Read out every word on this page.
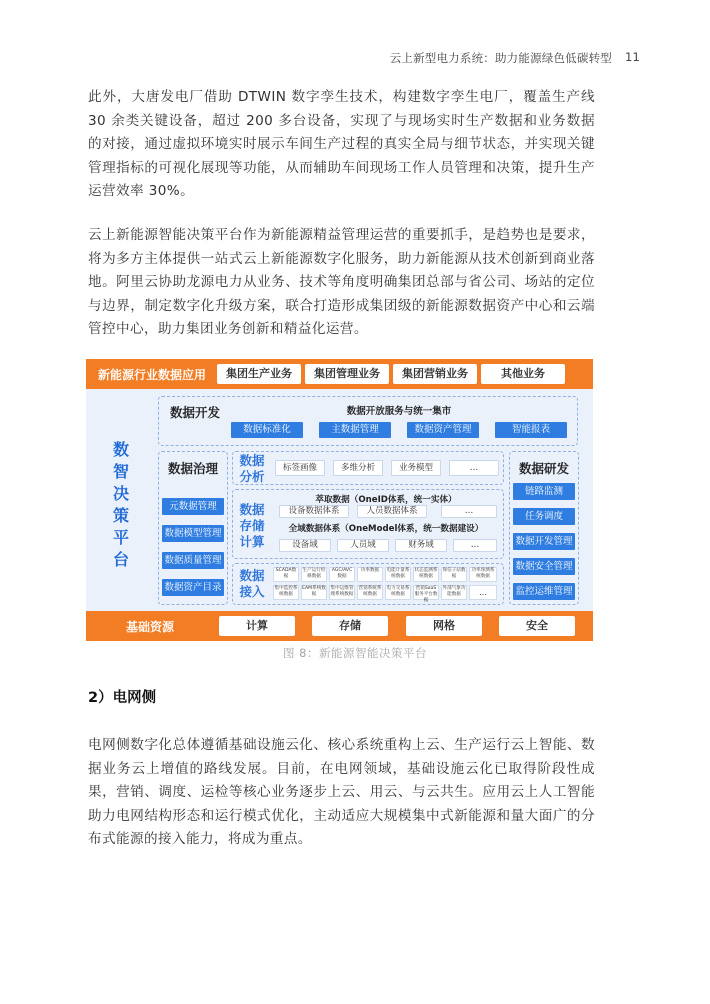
云上新型电力系统：助力能源绿色低碳转型	11

此外，大唐发电厂借助 DTWIN 数字孪生技术，构建数字孪生电厂，覆盖生产线 30 余类关键设备，超过 200 多台设备，实现了与现场实时生产数据和业务数据的对接，通过虚拟环境实时展示车间生产过程的真实全局与细节状态，并实现关键管理指标的可视化展现等功能，从而辅助车间现场工作人员管理和决策，提升生产运营效率 30%。

云上新能源智能决策平台作为新能源精益管理运营的重要抓手，是趋势也是要求，将为多方主体提供一站式云上新能源数字化服务，助力新能源从技术创新到商业落地。阿里云协助龙源电力从业务、技术等角度明确集团总部与省公司、场站的定位与边界，制定数字化升级方案，联合打造形成集团级的新能源数据资产中心和云端管控中心，助力集团业务创新和精益化运营。

新能源行业数据应用	集团生产业务	集团管理业务	集团营销业务	其他业务
数智决策平台
数据开发	数据开放服务与统一集市
数据标准化	主数据管理	数据资产管理	智能报表
数据治理
元数据管理
数据模型管理
数据质量管理
数据资产目录
数据分析
标签画像	多维分析	业务模型	…
数据存储计算
萃取数据（OneID体系，统一实体）
设备数据体系	人员数据体系	…
全域数据体系（OneModel体系，统一数据建设）
设备域	人员域	财务域	…
数据接入
SCADA数据
生产运行检修数据
AGC/AVC数据
功率数据	电能计量系统数据
状态监测系统数据
保信子站数据
功率预测系统数据
集中监控系统数据
EAM系统数据
集中运维管理系统数据
营销系统系统数据
电力交易系统数据
营销SaaS服务平台数据
外部气象功能数据	…
数据研发
链路监测
任务调度
数据开发管理
数据安全管理
监控运维管理
基础资源	计算	存储	网格	安全
图 8：新能源智能决策平台
2）电网侧

电网侧数字化总体遵循基础设施云化、核心系统重构上云、生产运行云上智能、数据业务云上增值的路线发展。目前，在电网领域，基础设施云化已取得阶段性成果，营销、调度、运检等核心业务逐步上云、用云、与云共生。应用云上人工智能助力电网结构形态和运行模式优化，主动适应大规模集中式新能源和量大面广的分布式能源的接入能力，将成为重点。
